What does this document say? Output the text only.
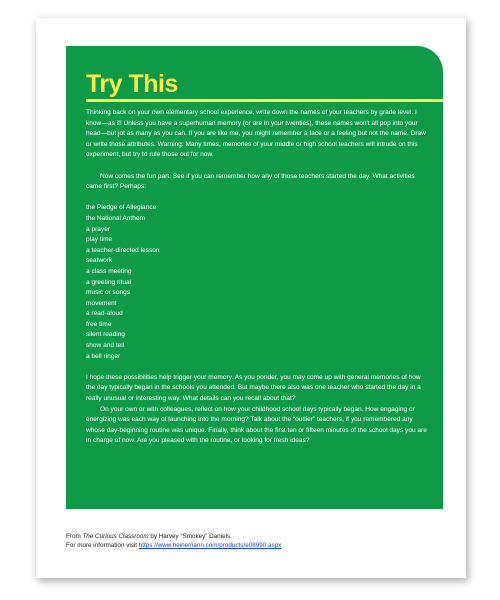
Try This

Thinking back on your own elementary school experience, write down the names of your teachers by grade level. I know—as if! Unless you have a superhuman memory (or are in your twenties), these names won't all pop into your head—but jot as many as you can. If you are like me, you might remember a face or a feeling but not the name. Draw or write those attributes. Warning: Many times, memories of your middle or high school teachers will intrude on this experiment, but try to rule those out for now.

Now comes the fun part. See if you can remember how any of those teachers started the day. What activities came first? Perhaps:

the Pledge of Allegiance
the National Anthem
a prayer
play time
a teacher-directed lesson
seatwork
a class meeting
a greeting ritual
music or songs
movement
a read-aloud
free time
silent reading
show and tell
a bell ringer

I hope these possibilities help trigger your memory. As you ponder, you may come up with general memories of how the day typically began in the schools you attended. But maybe there also was one teacher who started the day in a really unusual or interesting way. What details can you recall about that?

On your own or with colleagues, reflect on how your childhood school days typically began. How engaging or energizing was each way of launching into the morning? Talk about the “outlier” teachers, if you remembered any whose day-beginning routine was unique. Finally, think about the first ten or fifteen minutes of the school days you are in charge of now. Are you pleased with the routine, or looking for fresh ideas?

From The Curious Classroom by Harvey “Smokey” Daniels.
For more information visit https://www.heinemann.com/products/e08990.aspx
